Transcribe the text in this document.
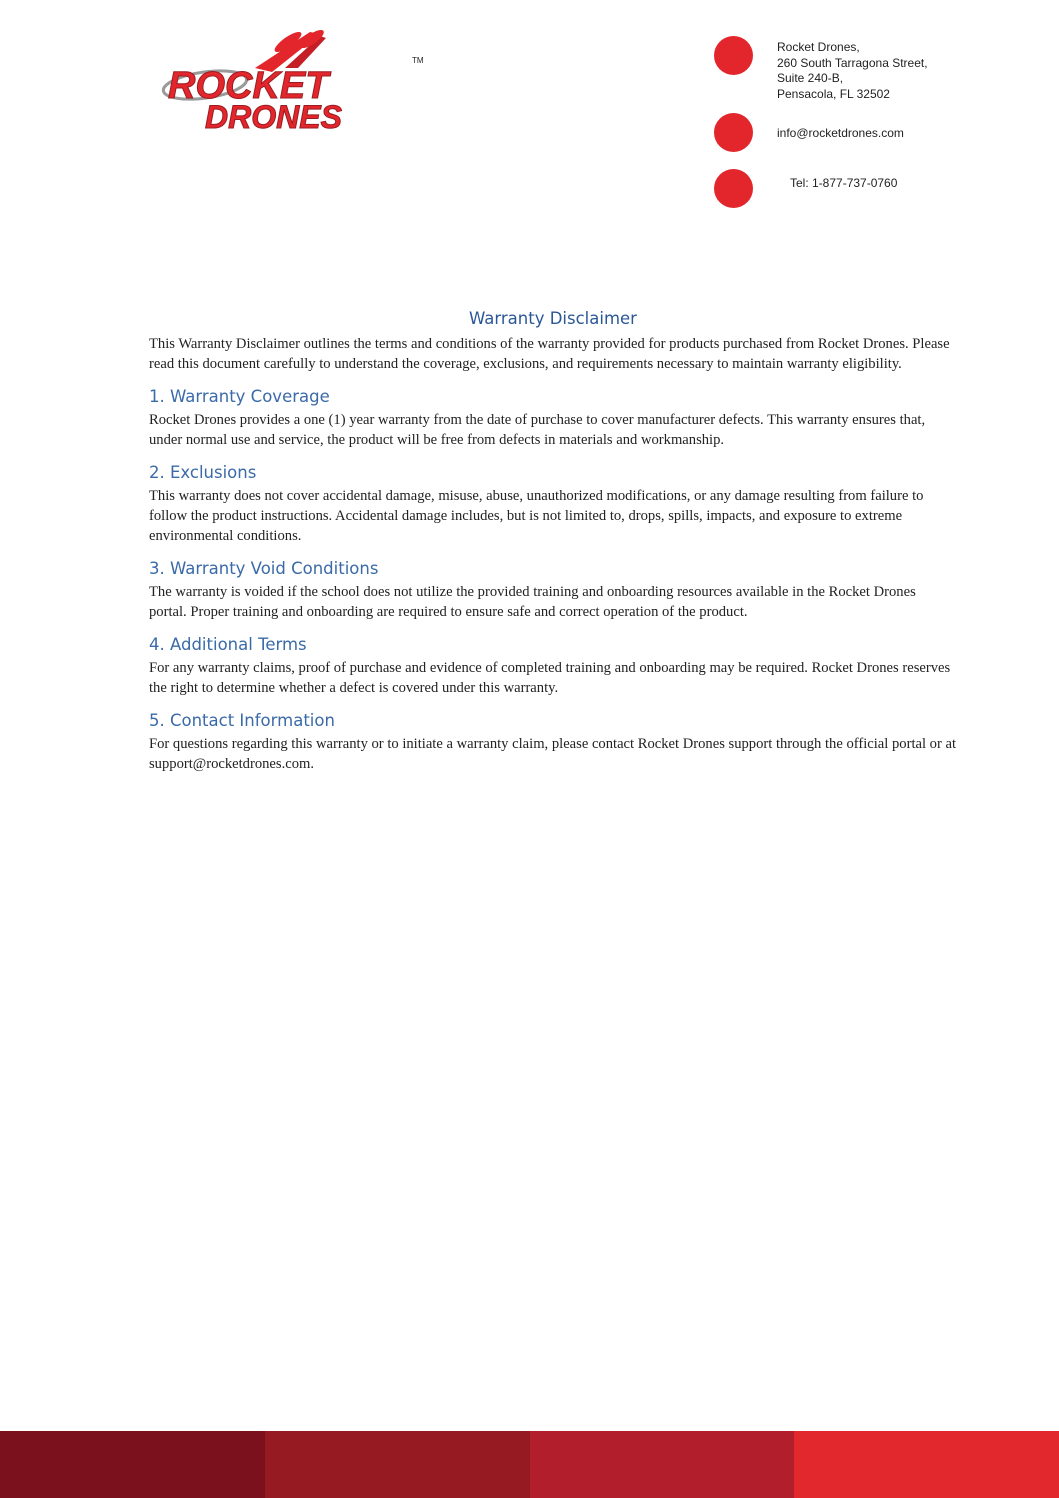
ROCKET
DRONES
TM
Rocket Drones,
260 South Tarragona Street,
Suite 240-B,
Pensacola, FL 32502
info@rocketdrones.com
Tel: 1-877-737-0760
Warranty Disclaimer

This Warranty Disclaimer outlines the terms and conditions of the warranty provided for products purchased from Rocket Drones. Please read this document carefully to understand the coverage, exclusions, and requirements necessary to maintain warranty eligibility.

1. Warranty Coverage

Rocket Drones provides a one (1) year warranty from the date of purchase to cover manufacturer defects. This warranty ensures that, under normal use and service, the product will be free from defects in materials and workmanship.

2. Exclusions

This warranty does not cover accidental damage, misuse, abuse, unauthorized modifications, or any damage resulting from failure to follow the product instructions. Accidental damage includes, but is not limited to, drops, spills, impacts, and exposure to extreme environmental conditions.

3. Warranty Void Conditions

The warranty is voided if the school does not utilize the provided training and onboarding resources available in the Rocket Drones portal. Proper training and onboarding are required to ensure safe and correct operation of the product.

4. Additional Terms

For any warranty claims, proof of purchase and evidence of completed training and onboarding may be required. Rocket Drones reserves the right to determine whether a defect is covered under this warranty.

5. Contact Information

For questions regarding this warranty or to initiate a warranty claim, please contact Rocket Drones support through the official portal or at support@rocketdrones.com.
